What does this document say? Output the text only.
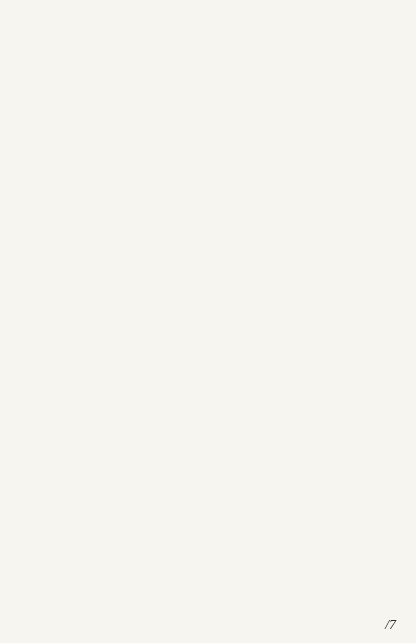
/7
